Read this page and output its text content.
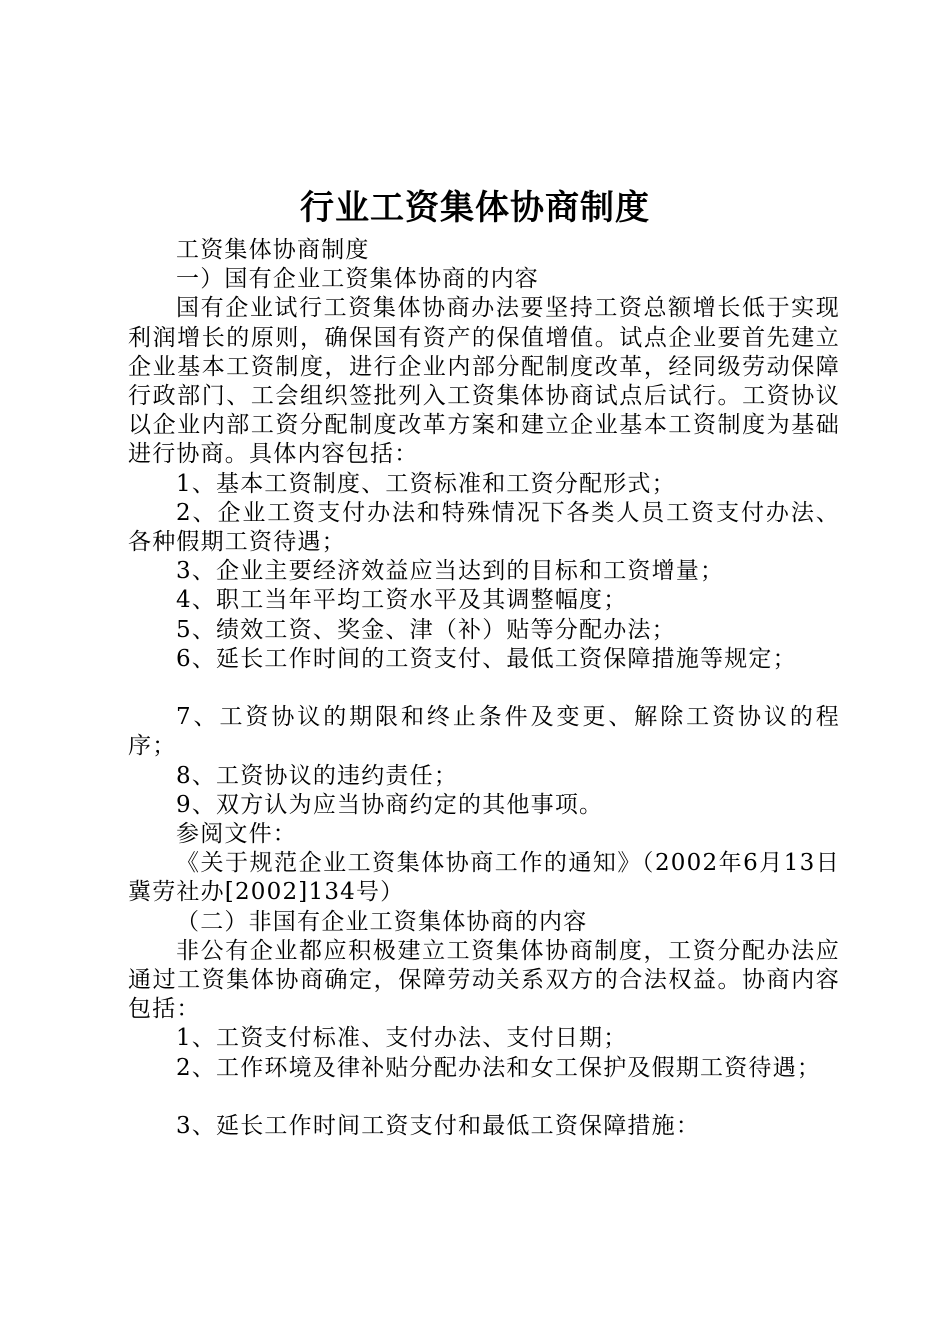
行业工资集体协商制度

工资集体协商制度

一）国有企业工资集体协商的内容

国有企业试行工资集体协商办法要坚持工资总额增长低于实现利润增长的原则，确保国有资产的保值增值。试点企业要首先建立企业基本工资制度，进行企业内部分配制度改革，经同级劳动保障行政部门、工会组织签批列入工资集体协商试点后试行。工资协议以企业内部工资分配制度改革方案和建立企业基本工资制度为基础进行协商。具体内容包括：

1、基本工资制度、工资标准和工资分配形式；

2、企业工资支付办法和特殊情况下各类人员工资支付办法、各种假期工资待遇；

3、企业主要经济效益应当达到的目标和工资增量；

4、职工当年平均工资水平及其调整幅度；

5、绩效工资、奖金、津（补）贴等分配办法；

6、延长工作时间的工资支付、最低工资保障措施等规定；

7、工资协议的期限和终止条件及变更、解除工资协议的程序；

8、工资协议的违约责任；

9、双方认为应当协商约定的其他事项。

参阅文件：

《关于规范企业工资集体协商工作的通知》（2002年6月13日冀劳社办[2002]134号）

（二）非国有企业工资集体协商的内容

非公有企业都应积极建立工资集体协商制度，工资分配办法应通过工资集体协商确定，保障劳动关系双方的合法权益。协商内容包括：

1、工资支付标准、支付办法、支付日期；

2、工作环境及律补贴分配办法和女工保护及假期工资待遇；

3、延长工作时间工资支付和最低工资保障措施：
